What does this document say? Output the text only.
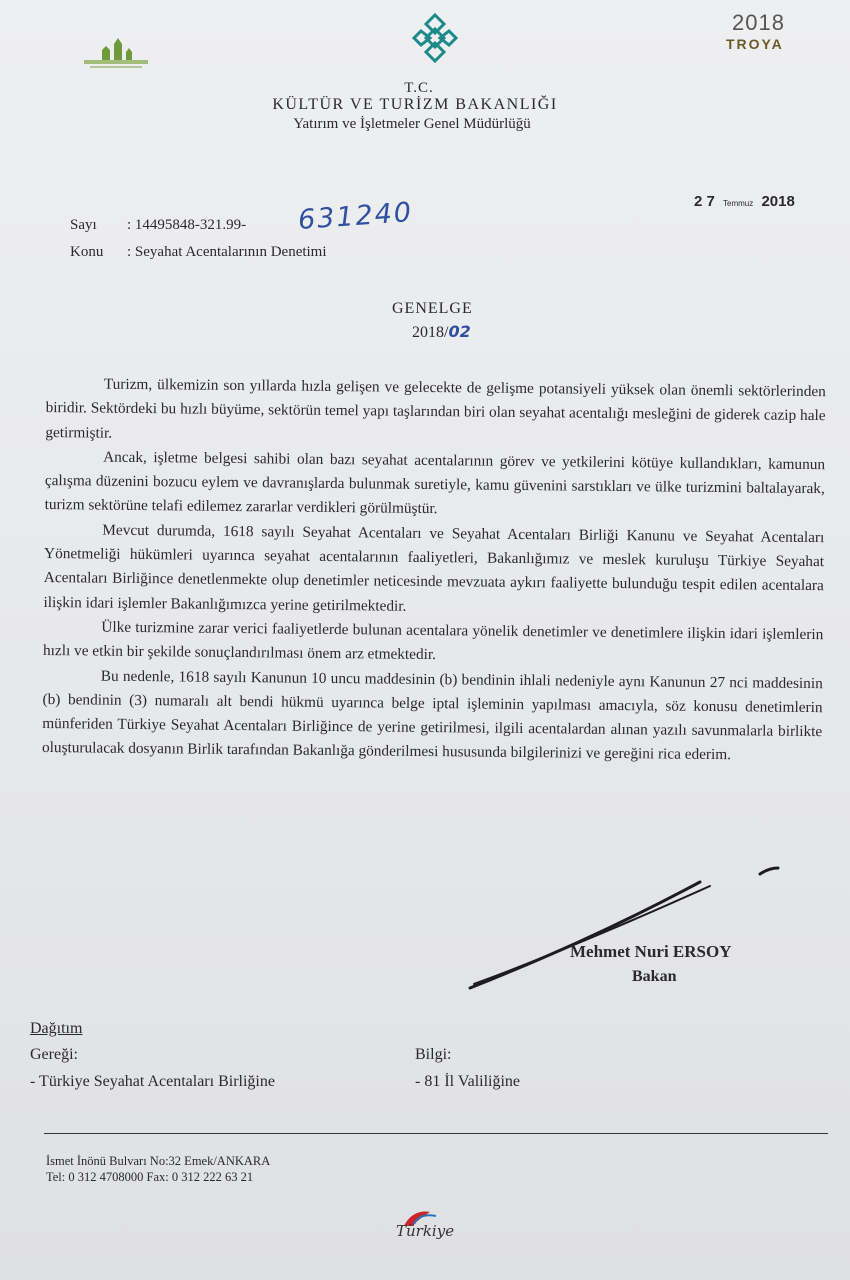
2018
TROYA
T.C.
KÜLTÜR VE TURİZM BAKANLIĞI
Yatırım ve İşletmeler Genel Müdürlüğü
2 7 Temmuz 2018
Sayı : 14495848-321.99- 631240
Konu : Seyahat Acentalarının Denetimi
GENELGE
2018/02

Turizm, ülkemizin son yıllarda hızla gelişen ve gelecekte de gelişme potansiyeli yüksek olan önemli sektörlerinden biridir. Sektördeki bu hızlı büyüme, sektörün temel yapı taşlarından biri olan seyahat acentalığı mesleğini de giderek cazip hale getirmiştir.

Ancak, işletme belgesi sahibi olan bazı seyahat acentalarının görev ve yetkilerini kötüye kullandıkları, kamunun çalışma düzenini bozucu eylem ve davranışlarda bulunmak suretiyle, kamu güvenini sarstıkları ve ülke turizmini baltalayarak, turizm sektörüne telafi edilemez zararlar verdikleri görülmüştür.

Mevcut durumda, 1618 sayılı Seyahat Acentaları ve Seyahat Acentaları Birliği Kanunu ve Seyahat Acentaları Yönetmeliği hükümleri uyarınca seyahat acentalarının faaliyetleri, Bakanlığımız ve meslek kuruluşu Türkiye Seyahat Acentaları Birliğince denetlenmekte olup denetimler neticesinde mevzuata aykırı faaliyette bulunduğu tespit edilen acentalara ilişkin idari işlemler Bakanlığımızca yerine getirilmektedir.

Ülke turizmine zarar verici faaliyetlerde bulunan acentalara yönelik denetimler ve denetimlere ilişkin idari işlemlerin hızlı ve etkin bir şekilde sonuçlandırılması önem arz etmektedir.

Bu nedenle, 1618 sayılı Kanunun 10 uncu maddesinin (b) bendinin ihlali nedeniyle aynı Kanunun 27 nci maddesinin (b) bendinin (3) numaralı alt bendi hükmü uyarınca belge iptal işleminin yapılması amacıyla, söz konusu denetimlerin münferiden Türkiye Seyahat Acentaları Birliğince de yerine getirilmesi, ilgili acentalardan alınan yazılı savunmalarla birlikte oluşturulacak dosyanın Birlik tarafından Bakanlığa gönderilmesi hususunda bilgilerinizi ve gereğini rica ederim.

Mehmet Nuri ERSOY
Bakan
Dağıtım
Gereği:
- Türkiye Seyahat Acentaları Birliğine
Bilgi:
- 81 İl Valiliğine
İsmet İnönü Bulvarı No:32 Emek/ANKARA
Tel: 0 312 4708000 Fax: 0 312 222 63 21
Türkiye
